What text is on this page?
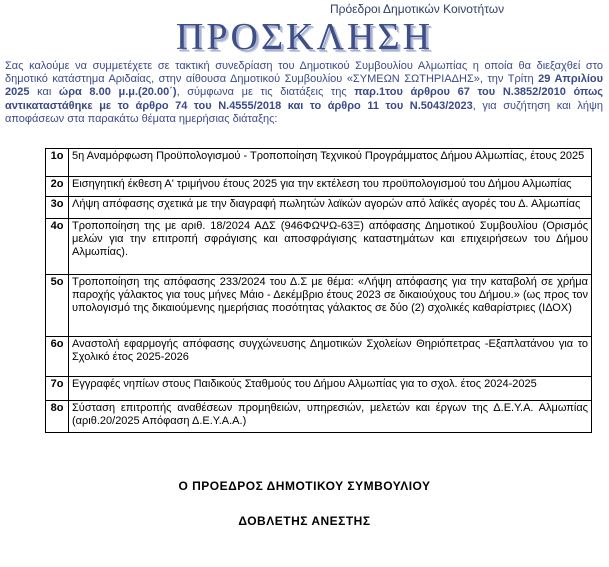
Πρόεδροι Δημοτικών Κοινοτήτων
ΠΡΟΣΚΛΗΣΗ
Σας καλούμε να συμμετέχετε σε τακτική συνεδρίαση του Δημοτικού Συμβουλίου Αλμωπίας η οποία θα διεξαχθεί στο δημοτικό κατάστημα Αριδαίας, στην αίθουσα Δημοτικού Συμβουλίου «ΣΥΜΕΩΝ ΣΩΤΗΡΙΑΔΗΣ», την Τρίτη 29 Απριλίου 2025 και ώρα 8.00 μ.μ.(20.00΄), σύμφωνα με τις διατάξεις της παρ.1του άρθρου 67 του Ν.3852/2010 όπως αντικαταστάθηκε με το άρθρο 74 του Ν.4555/2018 και το άρθρο 11 του Ν.5043/2023, για συζήτηση και λήψη αποφάσεων στα παρακάτω θέματα ημερήσιας διάταξης:
1ο	5η Αναμόρφωση Προϋπολογισμού - Τροποποίηση Τεχνικού Προγράμματος Δήμου Αλμωπίας, έτους 2025
2ο	Εισηγητική έκθεση Α' τριμήνου έτους 2025 για την εκτέλεση του προϋπολογισμού του Δήμου Αλμωπίας
3ο	Λήψη απόφασης σχετικά με την διαγραφή πωλητών λαϊκών αγορών από λαϊκές αγορές του Δ. Αλμωπίας
4ο	Τροποποίηση της με αριθ. 18/2024 ΑΔΣ (946ΦΩΨΩ-63Ξ) απόφασης Δημοτικού Συμβουλίου (Ορισμός μελών για την επιτροπή σφράγισης και αποσφράγισης καταστημάτων και επιχειρήσεων του Δήμου Αλμωπίας).
5ο	Τροποποίηση της απόφασης 233/2024 του Δ.Σ με θέμα: «Λήψη απόφασης για την καταβολή σε χρήμα παροχής γάλακτος για τους μήνες Μάιο - Δεκέμβριο έτους 2023 σε δικαιούχους του Δήμου.» (ως προς τον υπολογισμό της δικαιούμενης ημερήσιας ποσότητας γάλακτος σε δύο (2) σχολικές καθαρίστριες (ΙΔΟΧ)
6ο	Αναστολή εφαρμογής απόφασης συγχώνευσης Δημοτικών Σχολείων Θηριόπετρας -Εξαπλατάνου για το Σχολικό έτος 2025-2026
7ο	Εγγραφές νηπίων στους Παιδικούς Σταθμούς του Δήμου Αλμωπίας για το σχολ. έτος 2024-2025
8ο	Σύσταση επιτροπής αναθέσεων προμηθειών, υπηρεσιών, μελετών και έργων της Δ.Ε.Υ.Α. Αλμωπίας (αριθ.20/2025 Απόφαση Δ.Ε.Υ.Α.Α.)
Ο ΠΡΟΕΔΡΟΣ ΔΗΜΟΤΙΚΟΥ ΣΥΜΒΟΥΛΙΟΥ
ΔΟΒΛΕΤΗΣ ΑΝΕΣΤΗΣ
